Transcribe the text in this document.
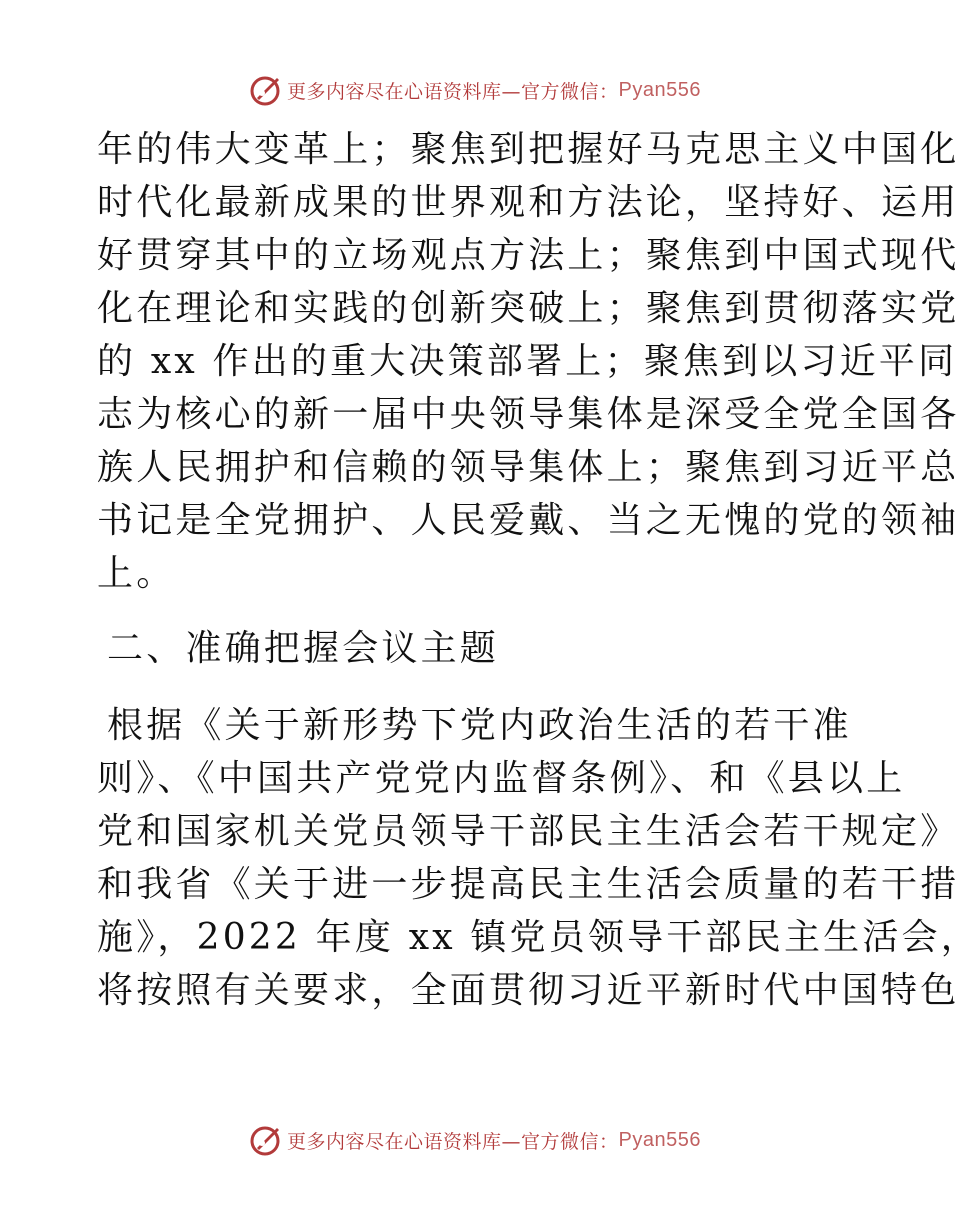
更多内容尽在心语资料库—官方微信： Pyan556
年的伟大变革上；聚焦到把握好马克思主义中国化
时代化最新成果的世界观和方法论，坚持好、运用
好贯穿其中的立场观点方法上；聚焦到中国式现代
化在理论和实践的创新突破上；聚焦到贯彻落实党
的 xx 作出的重大决策部署上；聚焦到以习近平同
志为核心的新一届中央领导集体是深受全党全国各
族人民拥护和信赖的领导集体上；聚焦到习近平总
书记是全党拥护、人民爱戴、当之无愧的党的领袖
上。
二、准确把握会议主题
根据《关于新形势下党内政治生活的若干准
则》、《中国共产党党内监督条例》、和《县以上
党和国家机关党员领导干部民主生活会若干规定》
和我省《关于进一步提高民主生活会质量的若干措
施》，2022 年度 xx 镇党员领导干部民主生活会，
将按照有关要求，全面贯彻习近平新时代中国特色
更多内容尽在心语资料库—官方微信： Pyan556
